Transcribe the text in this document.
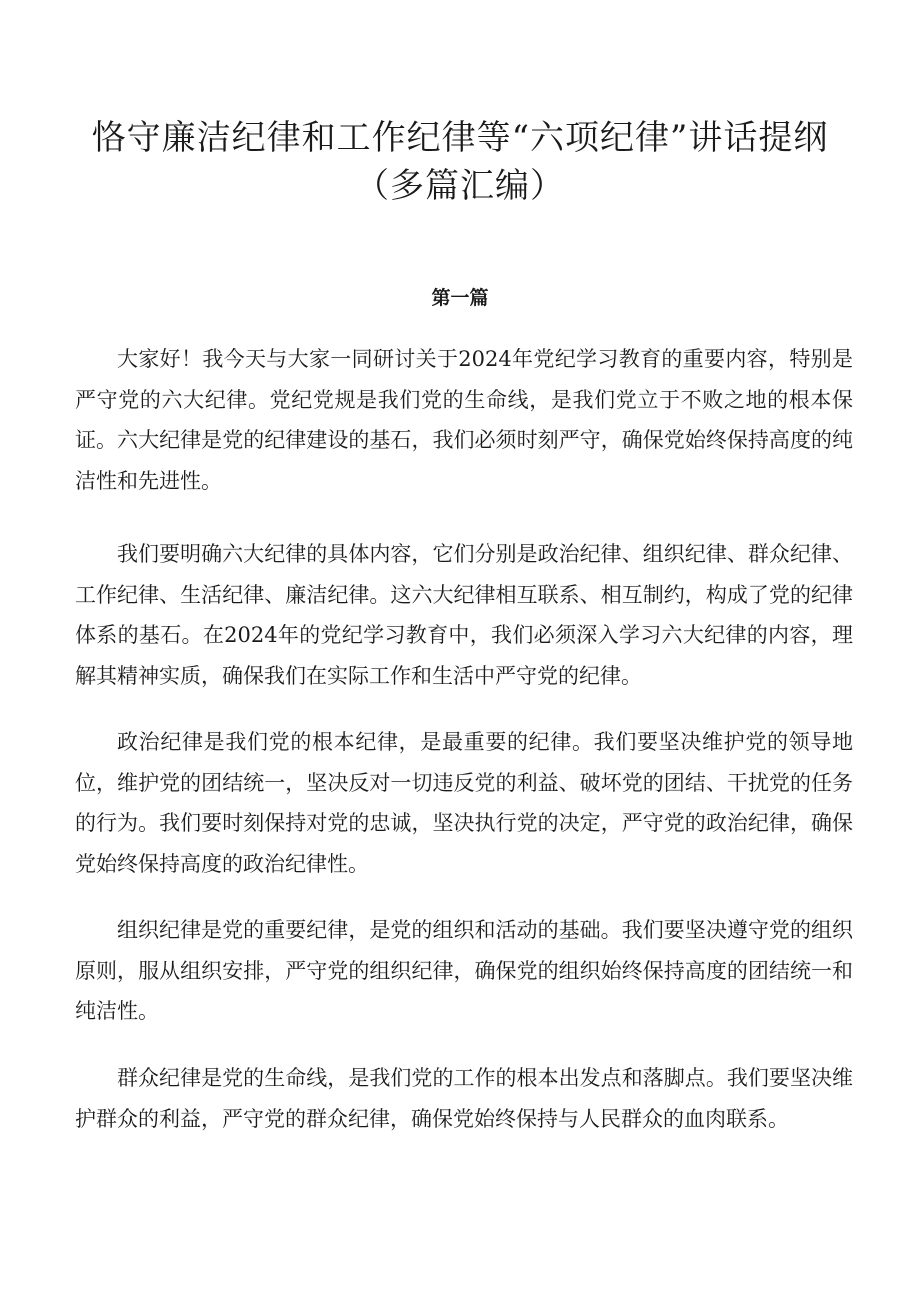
恪守廉洁纪律和工作纪律等“六项纪律”讲话提纲
（多篇汇编）
第一篇

大家好！我今天与大家一同研讨关于2024年党纪学习教育的重要内容，特别是严守党的六大纪律。党纪党规是我们党的生命线，是我们党立于不败之地的根本保证。六大纪律是党的纪律建设的基石，我们必须时刻严守，确保党始终保持高度的纯洁性和先进性。

我们要明确六大纪律的具体内容，它们分别是政治纪律、组织纪律、群众纪律、工作纪律、生活纪律、廉洁纪律。这六大纪律相互联系、相互制约，构成了党的纪律体系的基石。在2024年的党纪学习教育中，我们必须深入学习六大纪律的内容，理解其精神实质，确保我们在实际工作和生活中严守党的纪律。

政治纪律是我们党的根本纪律，是最重要的纪律。我们要坚决维护党的领导地位，维护党的团结统一，坚决反对一切违反党的利益、破坏党的团结、干扰党的任务的行为。我们要时刻保持对党的忠诚，坚决执行党的决定，严守党的政治纪律，确保党始终保持高度的政治纪律性。

组织纪律是党的重要纪律，是党的组织和活动的基础。我们要坚决遵守党的组织原则，服从组织安排，严守党的组织纪律，确保党的组织始终保持高度的团结统一和纯洁性。

群众纪律是党的生命线，是我们党的工作的根本出发点和落脚点。我们要坚决维护群众的利益，严守党的群众纪律，确保党始终保持与人民群众的血肉联系。
